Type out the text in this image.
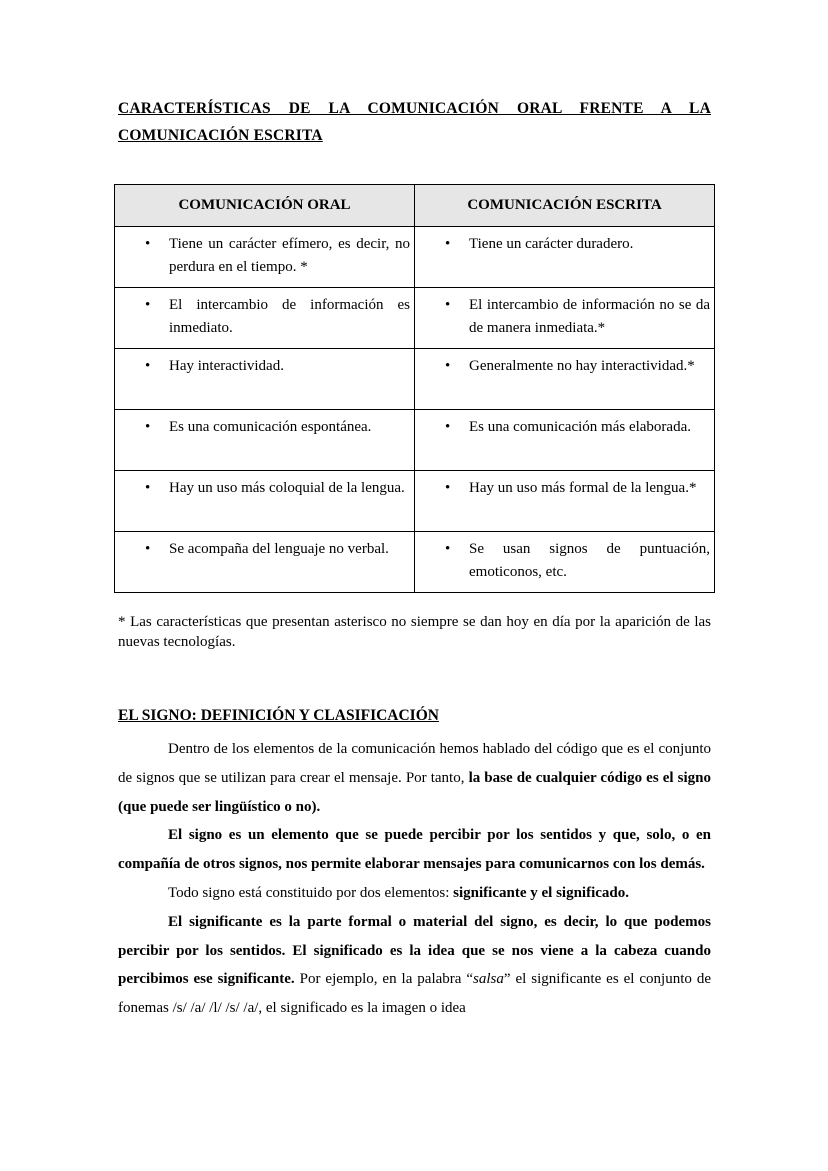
CARACTERÍSTICAS DE LA COMUNICACIÓN ORAL FRENTE A LA
COMUNICACIÓN ESCRITA
COMUNICACIÓN ORAL	COMUNICACIÓN ESCRITA

• Tiene un carácter efímero, es decir, no perdura en el tiempo. *	• Tiene un carácter duradero.

• El intercambio de información es inmediato.	• El intercambio de información no se da de manera inmediata.*

• Hay interactividad.	• Generalmente no hay interactividad.*

• Es una comunicación espontánea.	• Es una comunicación más elaborada.

• Hay un uso más coloquial de la lengua.	• Hay un uso más formal de la lengua.*

• Se acompaña del lenguaje no verbal.	• Se usan signos de puntuación, emoticonos, etc.
* Las características que presentan asterisco no siempre se dan hoy en día por la aparición de las nuevas tecnologías.
EL SIGNO: DEFINICIÓN Y CLASIFICACIÓN

Dentro de los elementos de la comunicación hemos hablado del código que es el conjunto de signos que se utilizan para crear el mensaje. Por tanto, la base de cualquier código es el signo (que puede ser lingüístico o no).

El signo es un elemento que se puede percibir por los sentidos y que, solo, o en compañía de otros signos, nos permite elaborar mensajes para comunicarnos con los demás.

Todo signo está constituido por dos elementos: significante y el significado.

El significante es la parte formal o material del signo, es decir, lo que podemos percibir por los sentidos. El significado es la idea que se nos viene a la cabeza cuando percibimos ese significante. Por ejemplo, en la palabra “salsa” el significante es el conjunto de fonemas /s/ /a/ /l/ /s/ /a/, el significado es la imagen o idea
